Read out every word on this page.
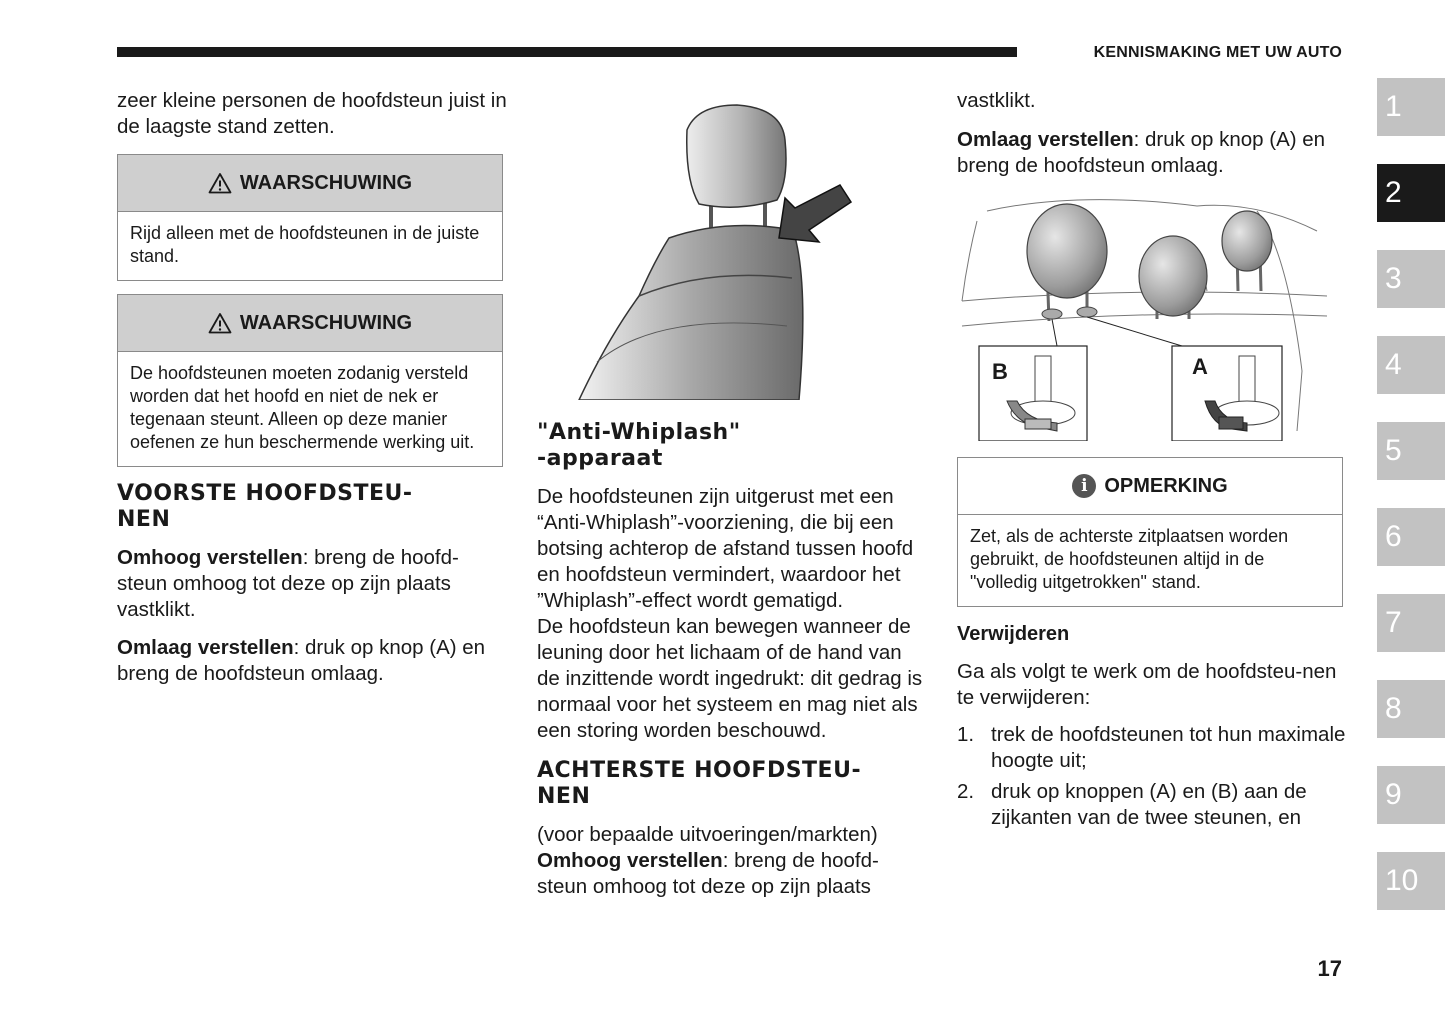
KENNISMAKING MET UW AUTO

zeer kleine personen de hoofdsteun juist in de laagste stand zetten.

WAARSCHUWING
Rijd alleen met de hoofdsteunen in de juiste stand.
WAARSCHUWING
De hoofdsteunen moeten zodanig versteld worden dat het hoofd en niet de nek er tegenaan steunt. Alleen op deze manier oefenen ze hun beschermende werking uit.
VOORSTE HOOFDSTEU-
NEN

Omhoog verstellen: breng de hoofd-steun omhoog tot deze op zijn plaats vastklikt.

Omlaag verstellen: druk op knop (A) en breng de hoofdsteun omlaag.

"Anti-Whiplash"
-apparaat

De hoofdsteunen zijn uitgerust met een “Anti-Whiplash”-voorziening, die bij een botsing achterop de afstand tussen hoofd en hoofdsteun vermindert, waardoor het ”Whiplash”-effect wordt gematigd.

De hoofdsteun kan bewegen wanneer de leuning door het lichaam of de hand van de inzittende wordt ingedrukt: dit gedrag is normaal voor het systeem en mag niet als een storing worden beschouwd.

ACHTERSTE HOOFDSTEU-
NEN

(voor bepaalde uitvoeringen/markten)

Omhoog verstellen: breng de hoofd-steun omhoog tot deze op zijn plaats

vastklikt.

Omlaag verstellen: druk op knop (A) en breng de hoofdsteun omlaag.

B	A
i OPMERKING
Zet, als de achterste zitplaatsen worden gebruikt, de hoofdsteunen altijd in de "volledig uitgetrokken" stand.
Verwijderen

Ga als volgt te werk om de hoofdsteu-nen te verwijderen:

1. trek de hoofdsteunen tot hun maximale hoogte uit;
2. druk op knoppen (A) en (B) aan de zijkanten van de twee steunen, en
1
2
3
4
5
6
7
8
9
10
17
